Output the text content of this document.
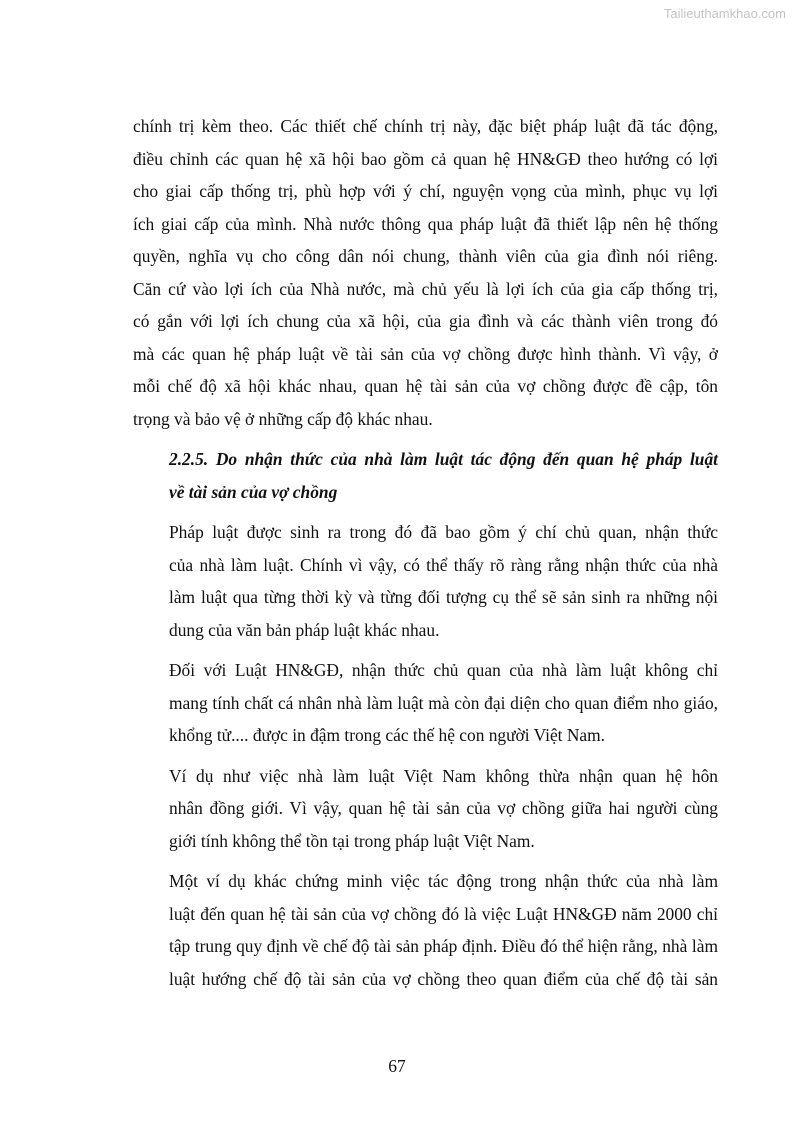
Tailieuthamkhao.com

chính trị kèm theo. Các thiết chế chính trị này, đặc biệt pháp luật đã tác động,
điều chỉnh các quan hệ xã hội bao gồm cả quan hệ HN&GĐ theo hướng có lợi
cho giai cấp thống trị, phù hợp với ý chí, nguyện vọng của mình, phục vụ lợi
ích giai cấp của mình. Nhà nước thông qua pháp luật đã thiết lập nên hệ thống
quyền, nghĩa vụ cho công dân nói chung, thành viên của gia đình nói riêng.
Căn cứ vào lợi ích của Nhà nước, mà chủ yếu là lợi ích của gia cấp thống trị,
có gắn với lợi ích chung của xã hội, của gia đình và các thành viên trong đó
mà các quan hệ pháp luật về tài sản của vợ chồng được hình thành. Vì vậy, ở
mỗi chế độ xã hội khác nhau, quan hệ tài sản của vợ chồng được đề cập, tôn
trọng và bảo vệ ở những cấp độ khác nhau.

2.2.5. Do nhận thức của nhà làm luật tác động đến quan hệ pháp luật
về tài sản của vợ chồng

Pháp luật được sinh ra trong đó đã bao gồm ý chí chủ quan, nhận thức
của nhà làm luật. Chính vì vậy, có thể thấy rõ ràng rằng nhận thức của nhà
làm luật qua từng thời kỳ và từng đối tượng cụ thể sẽ sản sinh ra những nội
dung của văn bản pháp luật khác nhau.

Đối với Luật HN&GĐ, nhận thức chủ quan của nhà làm luật không chỉ
mang tính chất cá nhân nhà làm luật mà còn đại diện cho quan điểm nho giáo,
khổng tử.... được in đậm trong các thế hệ con người Việt Nam.

Ví dụ như việc nhà làm luật Việt Nam không thừa nhận quan hệ hôn
nhân đồng giới. Vì vậy, quan hệ tài sản của vợ chồng giữa hai người cùng
giới tính không thể tồn tại trong pháp luật Việt Nam.

Một ví dụ khác chứng minh việc tác động trong nhận thức của nhà làm
luật đến quan hệ tài sản của vợ chồng đó là việc Luật HN&GĐ năm 2000 chỉ
tập trung quy định về chế độ tài sản pháp định. Điều đó thể hiện rằng, nhà làm
luật hướng chế độ tài sản của vợ chồng theo quan điểm của chế độ tài sản

67
